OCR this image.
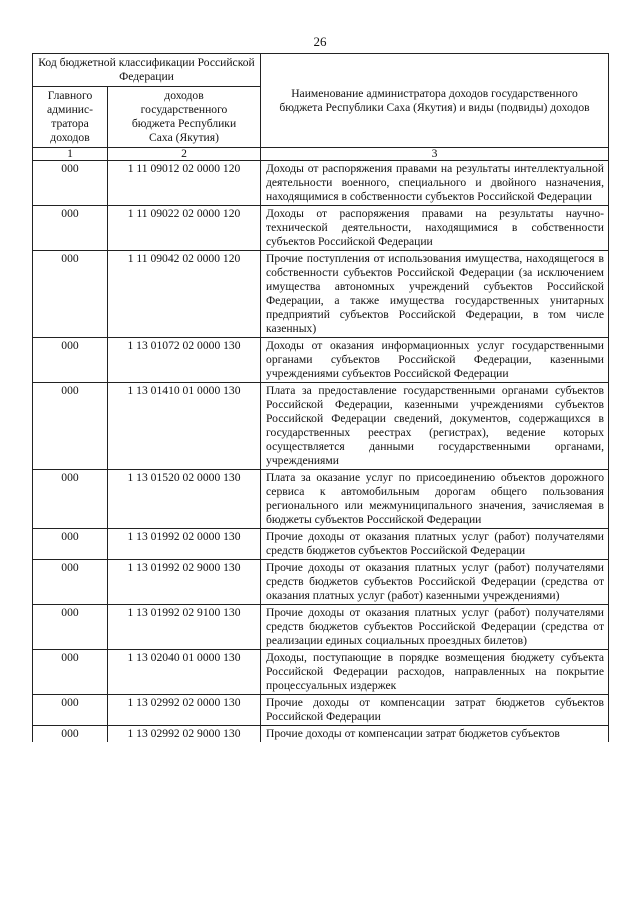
26
Код бюджетной классификации Российской Федерации		Наименование администратора доходов государственного бюджета Республики Саха (Якутия) и виды (подвиды) доходов
Главного админис-тратора доходов	доходов государственного бюджета Республики Саха (Якутия)	
1	2	3
000	1 11 09012 02 0000 120	Доходы от распоряжения правами на результаты интеллектуальной деятельности военного, специального и двойного назначения, находящимися в собственности субъектов Российской Федерации
000	1 11 09022 02 0000 120	Доходы от распоряжения правами на результаты научно-технической деятельности, находящимися в собственности субъектов Российской Федерации
000	1 11 09042 02 0000 120	Прочие поступления от использования имущества, находящегося в собственности субъектов Российской Федерации (за исключением имущества автономных учреждений субъектов Российской Федерации, а также имущества государственных унитарных предприятий субъектов Российской Федерации, в том числе казенных)
000	1 13 01072 02 0000 130	Доходы от оказания информационных услуг государственными органами субъектов Российской Федерации, казенными учреждениями субъектов Российской Федерации
000	1 13 01410 01 0000 130	Плата за предоставление государственными органами субъектов Российской Федерации, казенными учреждениями субъектов Российской Федерации сведений, документов, содержащихся в государственных реестрах (регистрах), ведение которых осуществляется данными государственными органами, учреждениями
000	1 13 01520 02 0000 130	Плата за оказание услуг по присоединению объектов дорожного сервиса к автомобильным дорогам общего пользования регионального или межмуниципального значения, зачисляемая в бюджеты субъектов Российской Федерации
000	1 13 01992 02 0000 130	Прочие доходы от оказания платных услуг (работ) получателями средств бюджетов субъектов Российской Федерации
000	1 13 01992 02 9000 130	Прочие доходы от оказания платных услуг (работ) получателями средств бюджетов субъектов Российской Федерации (средства от оказания платных услуг (работ) казенными учреждениями)
000	1 13 01992 02 9100 130	Прочие доходы от оказания платных услуг (работ) получателями средств бюджетов субъектов Российской Федерации (средства от реализации единых социальных проездных билетов)
000	1 13 02040 01 0000 130	Доходы, поступающие в порядке возмещения бюджету субъекта Российской Федерации расходов, направленных на покрытие процессуальных издержек
000	1 13 02992 02 0000 130	Прочие доходы от компенсации затрат бюджетов субъектов Российской Федерации
000	1 13 02992 02 9000 130	Прочие доходы от компенсации затрат бюджетов субъектов
